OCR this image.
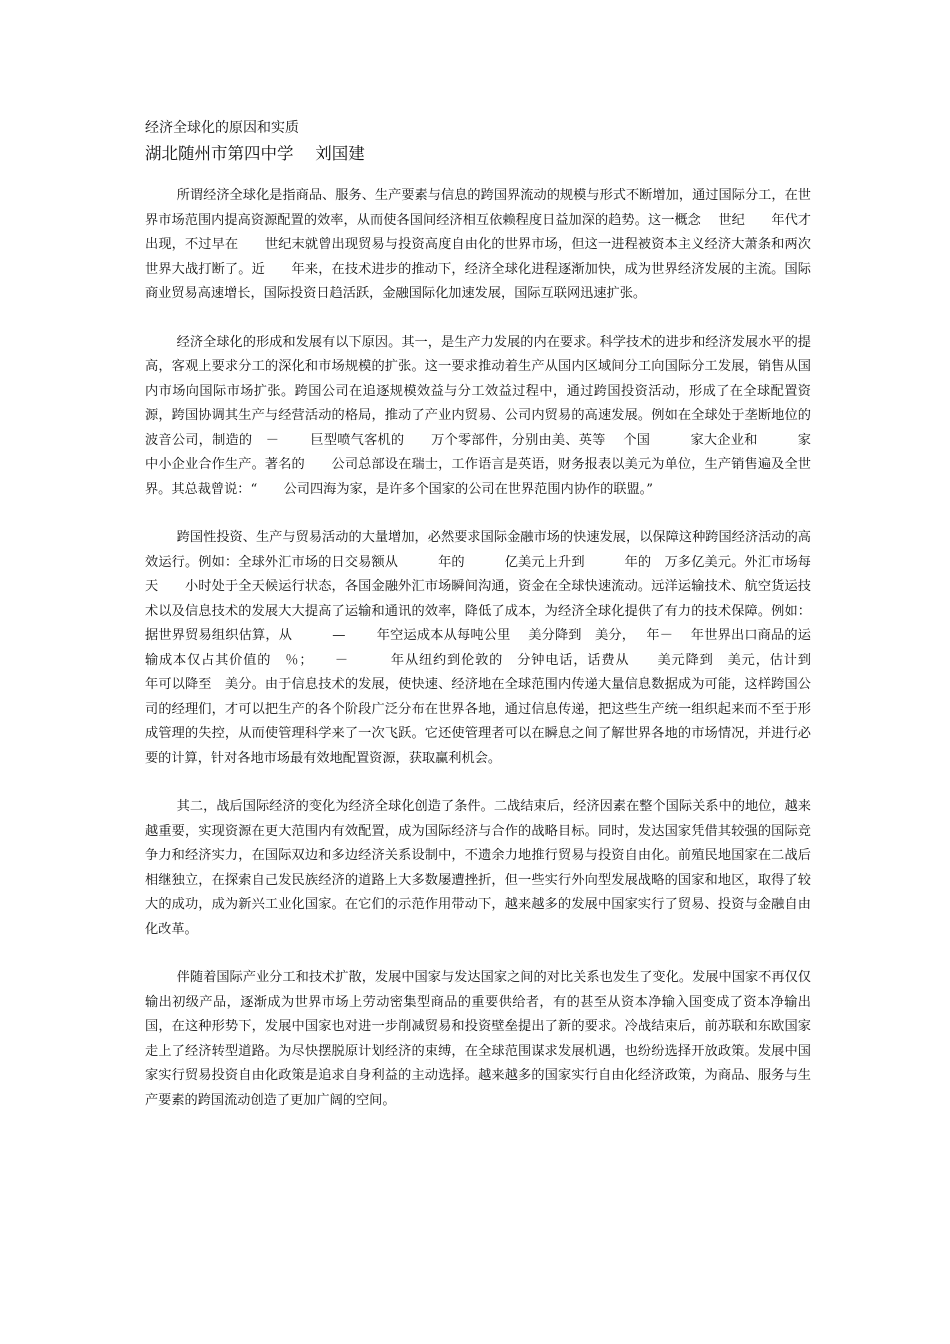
经济全球化的原因和实质
湖北随州市第四中学　 刘国建

所谓经济全球化是指商品、服务、生产要素与信息的跨国界流动的规模与形式不断增加，通过国际分工，在世界市场范围内提高资源配置的效率，从而使各国间经济相互依赖程度日益加深的趋势。这一概念　 世纪　　年代才出现，不过早在　　世纪末就曾出现贸易与投资高度自由化的世界市场，但这一进程被资本主义经济大萧条和两次世界大战打断了。近　　年来，在技术进步的推动下，经济全球化进程逐渐加快，成为世界经济发展的主流。国际商业贸易高速增长，国际投资日趋活跃，金融国际化加速发展，国际互联网迅速扩张。

经济全球化的形成和发展有以下原因。其一，是生产力发展的内在要求。科学技术的进步和经济发展水平的提高，客观上要求分工的深化和市场规模的扩张。这一要求推动着生产从国内区域间分工向国际分工发展，销售从国内市场向国际市场扩张。跨国公司在追逐规模效益与分工效益过程中，通过跨国投资活动，形成了在全球配置资源，跨国协调其生产与经营活动的格局，推动了产业内贸易、公司内贸易的高速发展。例如在全球处于垄断地位的波音公司，制造的　－　　 巨型喷气客机的　　万个零部件，分别由美、英等　 个国　　　家大企业和　　　家中小企业合作生产。著名的　　公司总部设在瑞士，工作语言是英语，财务报表以美元为单位，生产销售遍及全世界。其总裁曾说：“　　公司四海为家，是许多个国家的公司在世界范围内协作的联盟。”

跨国性投资、生产与贸易活动的大量增加，必然要求国际金融市场的快速发展，以保障这种跨国经济活动的高效运行。例如：全球外汇市场的日交易额从　　　年的　　　亿美元上升到　　　年的　万多亿美元。外汇市场每天　　小时处于全天候运行状态，各国金融外汇市场瞬间沟通，资金在全球快速流动。远洋运输技术、航空货运技术以及信息技术的发展大大提高了运输和通讯的效率，降低了成本，为经济全球化提供了有力的技术保障。例如：据世界贸易组织估算，从　　　—　　 年空运成本从每吨公里　 美分降到　美分，　 年－　 年世界出口商品的运输成本仅占其价值的　％；　　－　　　年从纽约到伦敦的　分钟电话，话费从　　美元降到　美元，估计到　　　年可以降至　美分。由于信息技术的发展，使快速、经济地在全球范围内传递大量信息数据成为可能，这样跨国公司的经理们，才可以把生产的各个阶段广泛分布在世界各地，通过信息传递，把这些生产统一组织起来而不至于形成管理的失控，从而使管理科学来了一次飞跃。它还使管理者可以在瞬息之间了解世界各地的市场情况，并进行必要的计算，针对各地市场最有效地配置资源，获取赢利机会。

其二，战后国际经济的变化为经济全球化创造了条件。二战结束后，经济因素在整个国际关系中的地位，越来越重要，实现资源在更大范围内有效配置，成为国际经济与合作的战略目标。同时，发达国家凭借其较强的国际竞争力和经济实力，在国际双边和多边经济关系设制中，不遗余力地推行贸易与投资自由化。前殖民地国家在二战后相继独立，在探索自己发民族经济的道路上大多数屡遭挫折，但一些实行外向型发展战略的国家和地区，取得了较大的成功，成为新兴工业化国家。在它们的示范作用带动下，越来越多的发展中国家实行了贸易、投资与金融自由化改革。

伴随着国际产业分工和技术扩散，发展中国家与发达国家之间的对比关系也发生了变化。发展中国家不再仅仅输出初级产品，逐渐成为世界市场上劳动密集型商品的重要供给者，有的甚至从资本净输入国变成了资本净输出国，在这种形势下，发展中国家也对进一步削减贸易和投资壁垒提出了新的要求。冷战结束后，前苏联和东欧国家走上了经济转型道路。为尽快摆脱原计划经济的束缚，在全球范围谋求发展机遇，也纷纷选择开放政策。发展中国家实行贸易投资自由化政策是追求自身利益的主动选择。越来越多的国家实行自由化经济政策，为商品、服务与生产要素的跨国流动创造了更加广阔的空间。
